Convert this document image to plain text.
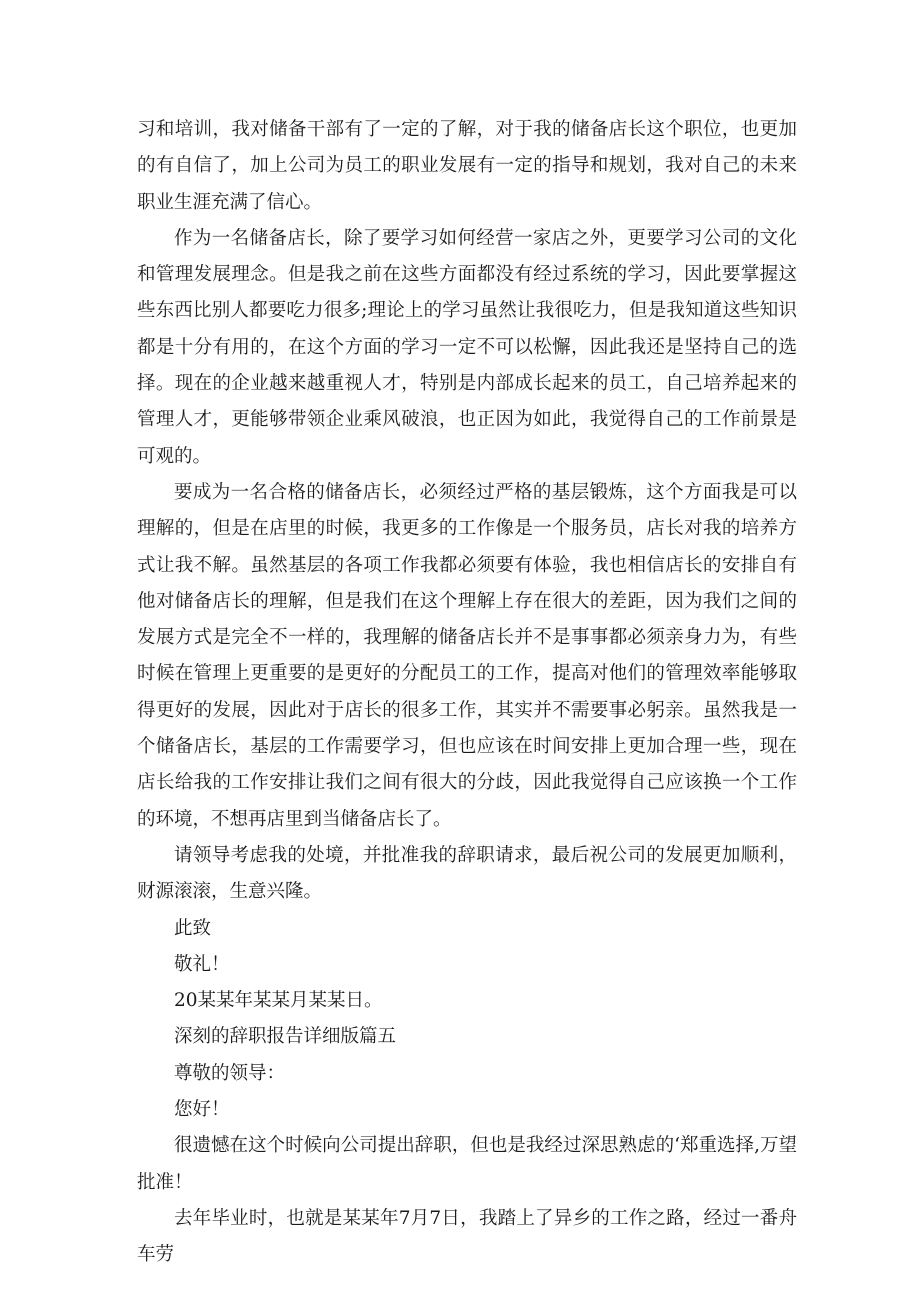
习和培训，我对储备干部有了一定的了解，对于我的储备店长这个职位，也更加的有自信了，加上公司为员工的职业发展有一定的指导和规划，我对自己的未来职业生涯充满了信心。

作为一名储备店长，除了要学习如何经营一家店之外，更要学习公司的文化和管理发展理念。但是我之前在这些方面都没有经过系统的学习，因此要掌握这些东西比别人都要吃力很多;理论上的学习虽然让我很吃力，但是我知道这些知识都是十分有用的，在这个方面的学习一定不可以松懈，因此我还是坚持自己的选择。现在的企业越来越重视人才，特别是内部成长起来的员工，自己培养起来的管理人才，更能够带领企业乘风破浪，也正因为如此，我觉得自己的工作前景是可观的。

要成为一名合格的储备店长，必须经过严格的基层锻炼，这个方面我是可以理解的，但是在店里的时候，我更多的工作像是一个服务员，店长对我的培养方式让我不解。虽然基层的各项工作我都必须要有体验，我也相信店长的安排自有他对储备店长的理解，但是我们在这个理解上存在很大的差距，因为我们之间的发展方式是完全不一样的，我理解的储备店长并不是事事都必须亲身力为，有些时候在管理上更重要的是更好的分配员工的工作，提高对他们的管理效率能够取得更好的发展，因此对于店长的很多工作，其实并不需要事必躬亲。虽然我是一个储备店长，基层的工作需要学习，但也应该在时间安排上更加合理一些，现在店长给我的工作安排让我们之间有很大的分歧，因此我觉得自己应该换一个工作的环境，不想再店里到当储备店长了。

请领导考虑我的处境，并批准我的辞职请求，最后祝公司的发展更加顺利，财源滚滚，生意兴隆。

此致

敬礼！

20某某年某某月某某日。

深刻的辞职报告详细版篇五

尊敬的领导：

您好！

很遗憾在这个时候向公司提出辞职，但也是我经过深思熟虑的‘郑重选择,万望批准！

去年毕业时，也就是某某年7月7日，我踏上了异乡的工作之路，经过一番舟车劳
